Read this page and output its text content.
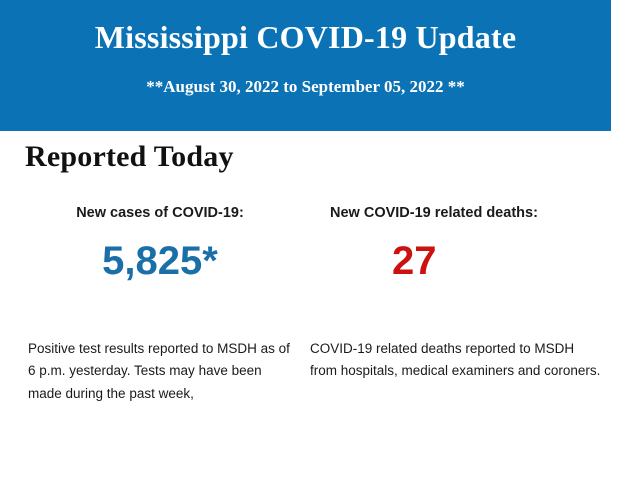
Mississippi COVID-19 Update
**August 30, 2022 to September 05, 2022 **
Reported Today
New cases of COVID-19:
5,825*
New COVID-19 related deaths:
27
Positive test results reported to MSDH as of 6 p.m. yesterday. Tests may have been made during the past week,
COVID-19 related deaths reported to MSDH from hospitals, medical examiners and coroners.
